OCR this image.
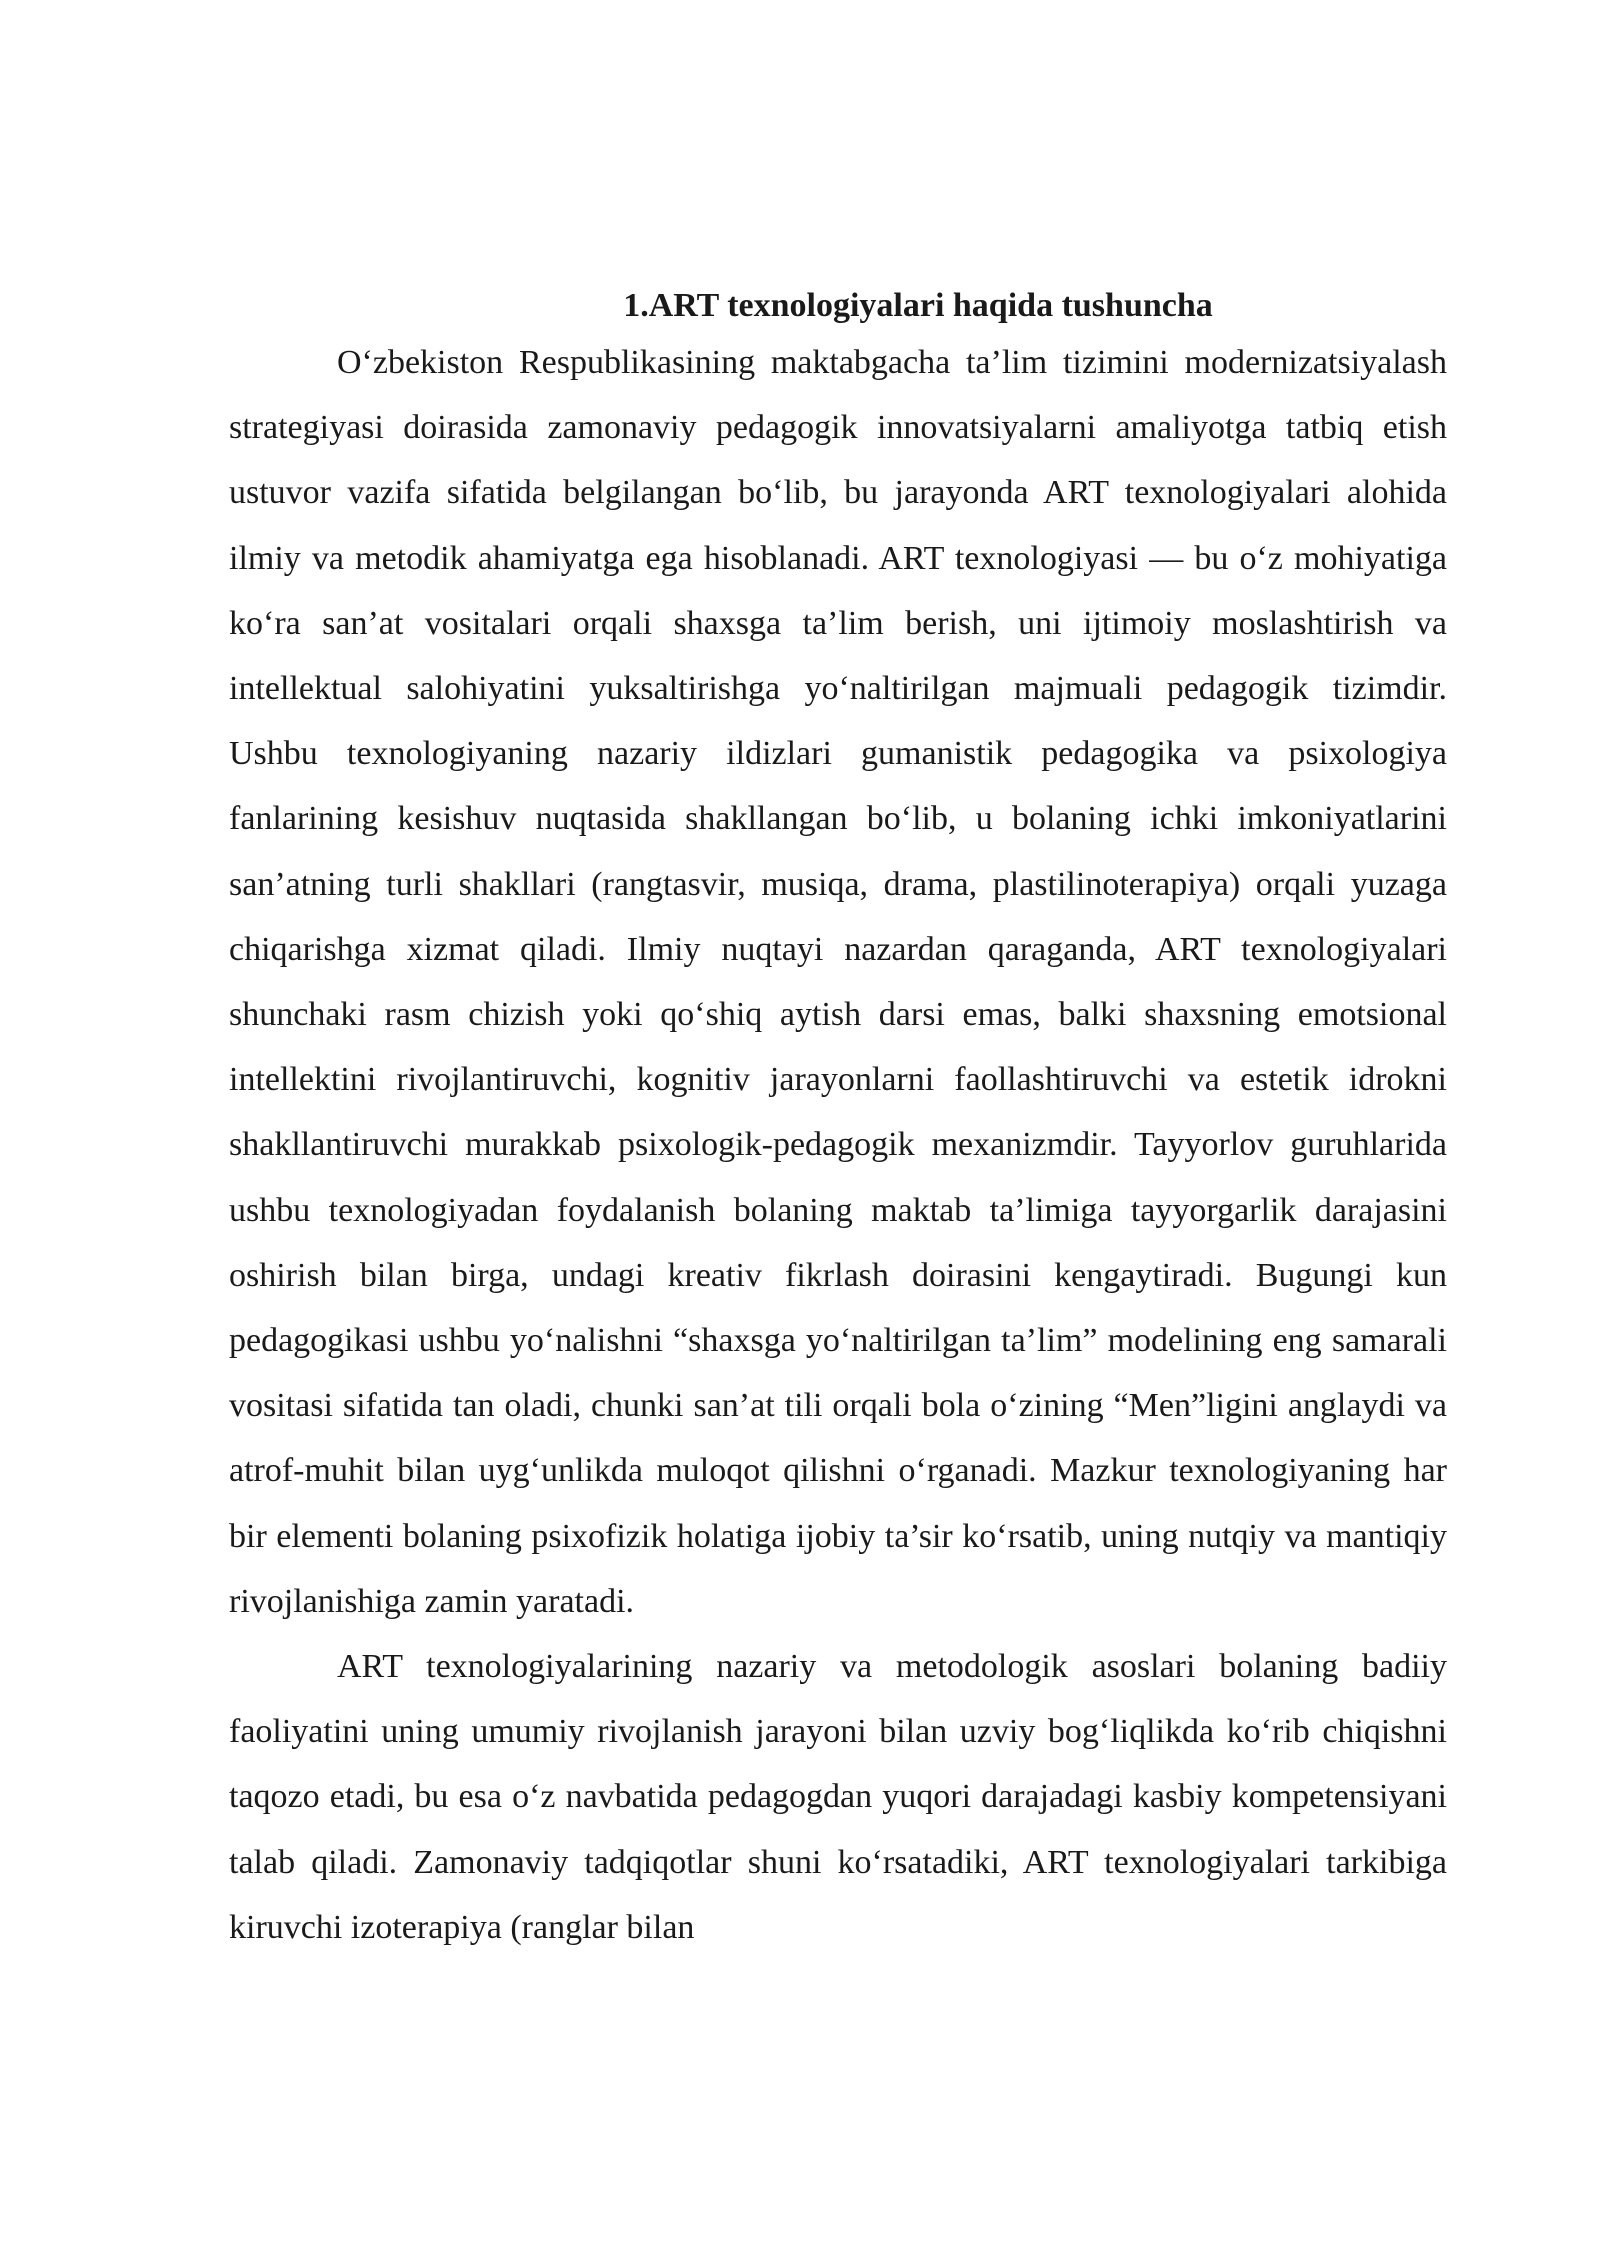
1.ART texnologiyalari haqida tushuncha

O‘zbekiston Respublikasining maktabgacha ta’lim tizimini modernizatsiyalash strategiyasi doirasida zamonaviy pedagogik innovatsiyalarni amaliyotga tatbiq etish ustuvor vazifa sifatida belgilangan bo‘lib, bu jarayonda ART texnologiyalari alohida ilmiy va metodik ahamiyatga ega hisoblanadi. ART texnologiyasi — bu o‘z mohiyatiga ko‘ra san’at vositalari orqali shaxsga ta’lim berish, uni ijtimoiy moslashtirish va intellektual salohiyatini yuksaltirishga yo‘naltirilgan majmuali pedagogik tizimdir. Ushbu texnologiyaning nazariy ildizlari gumanistik pedagogika va psixologiya fanlarining kesishuv nuqtasida shakllangan bo‘lib, u bolaning ichki imkoniyatlarini san’atning turli shakllari (rangtasvir, musiqa, drama, plastilinoterapiya) orqali yuzaga chiqarishga xizmat qiladi. Ilmiy nuqtayi nazardan qaraganda, ART texnologiyalari shunchaki rasm chizish yoki qo‘shiq aytish darsi emas, balki shaxsning emotsional intellektini rivojlantiruvchi, kognitiv jarayonlarni faollashtiruvchi va estetik idrokni shakllantiruvchi murakkab psixologik-pedagogik mexanizmdir. Tayyorlov guruhlarida ushbu texnologiyadan foydalanish bolaning maktab ta’limiga tayyorgarlik darajasini oshirish bilan birga, undagi kreativ fikrlash doirasini kengaytiradi. Bugungi kun pedagogikasi ushbu yo‘nalishni “shaxsga yo‘naltirilgan ta’lim” modelining eng samarali vositasi sifatida tan oladi, chunki san’at tili orqali bola o‘zining “Men”ligini anglaydi va atrof-muhit bilan uyg‘unlikda muloqot qilishni o‘rganadi. Mazkur texnologiyaning har bir elementi bolaning psixofizik holatiga ijobiy ta’sir ko‘rsatib, uning nutqiy va mantiqiy rivojlanishiga zamin yaratadi.

ART texnologiyalarining nazariy va metodologik asoslari bolaning badiiy faoliyatini uning umumiy rivojlanish jarayoni bilan uzviy bog‘liqlikda ko‘rib chiqishni taqozo etadi, bu esa o‘z navbatida pedagogdan yuqori darajadagi kasbiy kompetensiyani talab qiladi. Zamonaviy tadqiqotlar shuni ko‘rsatadiki, ART texnologiyalari tarkibiga kiruvchi izoterapiya (ranglar bilan
